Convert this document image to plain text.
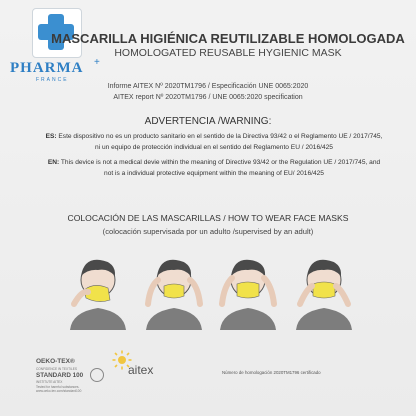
PHARMA +
FRANCE
MASCARILLA HIGIÉNICA REUTILIZABLE HOMOLOGADA
HOMOLOGATED REUSABLE HYGIENIC MASK
Informe AITEX Nº 2020TM1796 / Especificación UNE 0065:2020
AITEX report Nº 2020TM1796 / UNE 0065:2020 specification
ADVERTENCIA /WARNING:
ES: Este dispositivo no es un producto sanitario en el sentido de la Directiva 93/42 o el Reglamento UE / 2017/745, ni un equipo de protección individual en el sentido del Reglamento EU / 2016/425
EN: This device is not a medical devie within the meaning of Directive 93/42 or the Regulation UE / 2017/745, and not is a individual protective equipment within the meaning of EU/ 2016/425
COLOCACIÓN DE LAS MASCARILLAS / HOW TO WEAR FACE MASKS
(colocación supervisada por un adulto /supervised by an adult)
OEKO-TEX®
CONFIDENCE IN TEXTILES
STANDARD 100
INSTITUTE AITEX
Tested for harmful substances.
www.oeko-tex.com/standard100
aitex	Número de homologación 2020TM1796 certificado
